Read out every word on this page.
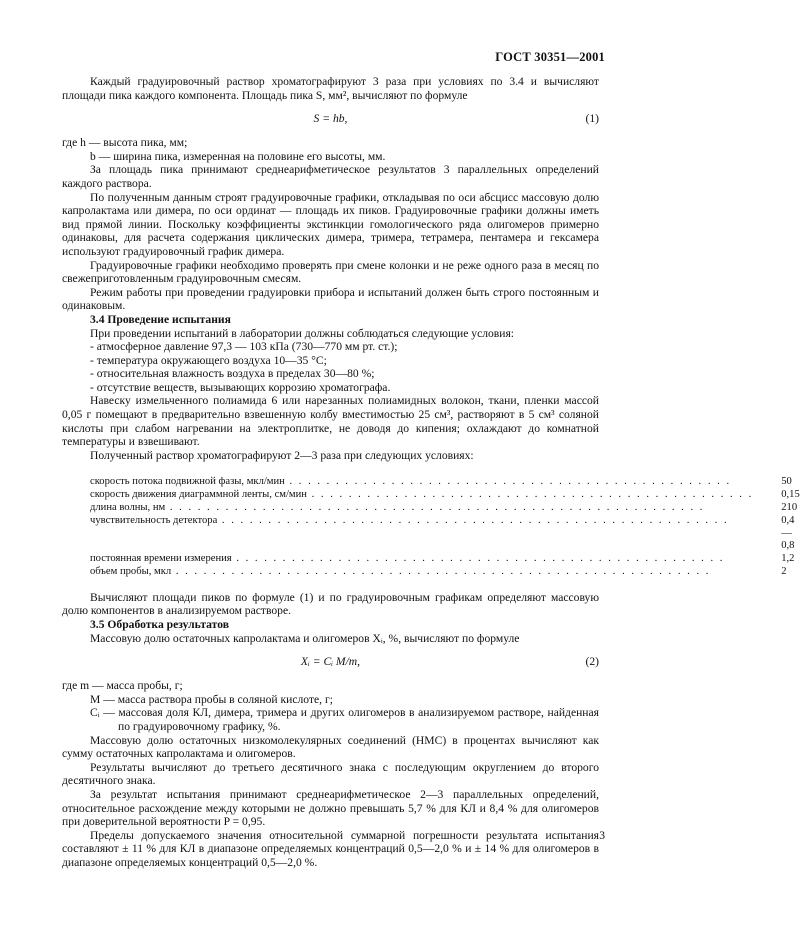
ГОСТ 30351—2001

Каждый градуировочный раствор хроматографируют 3 раза при условиях по 3.4 и вычисляют площади пика каждого компонента. Площадь пика S, мм², вычисляют по формуле

S = hb,	(1)

где h — высота пика, мм;

b — ширина пика, измеренная на половине его высоты, мм.

За площадь пика принимают среднеарифметическое результатов 3 параллельных определений каждого раствора.

По полученным данным строят градуировочные графики, откладывая по оси абсцисс массовую долю капролактама или димера, по оси ординат — площадь их пиков. Градуировочные графики должны иметь вид прямой линии. Поскольку коэффициенты экстинкции гомологического ряда олигомеров примерно одинаковы, для расчета содержания циклических димера, тримера, тетрамера, пентамера и гексамера используют градуировочный график димера.

Градуировочные графики необходимо проверять при смене колонки и не реже одного раза в месяц по свежеприготовленным градуировочным смесям.

Режим работы при проведении градуировки прибора и испытаний должен быть строго постоянным и одинаковым.

3.4 Проведение испытания

При проведении испытаний в лаборатории должны соблюдаться следующие условия:

- атмосферное давление 97,3 — 103 кПа (730—770 мм рт. ст.);

- температура окружающего воздуха 10—35 °С;

- относительная влажность воздуха в пределах 30—80 %;

- отсутствие веществ, вызывающих коррозию хроматографа.

Навеску измельченного полиамида 6 или нарезанных полиамидных волокон, ткани, пленки массой 0,05 г помещают в предварительно взвешенную колбу вместимостью 25 см³, растворяют в 5 см³ соляной кислоты при слабом нагревании на электроплитке, не доводя до кипения; охлаждают до комнатной температуры и взвешивают.

Полученный раствор хроматографируют 2—3 раза при следующих условиях:

скорость потока подвижной фазы, мкл/мин . . . . . . . . . . . . . . . . . . . . . . . . . . . . . . . . . . . . . . . . . . . . . . . .	50
скорость движения диаграммной ленты, см/мин . . . . . . . . . . . . . . . . . . . . . . . . . . . . . . . . . . . . . . . . . . . . . . . .	0,15
длина волны, нм . . . . . . . . . . . . . . . . . . . . . . . . . . . . . . . . . . . . . . . . . . . . . . . . . . . . . . . . . .	210
чувствительность детектора . . . . . . . . . . . . . . . . . . . . . . . . . . . . . . . . . . . . . . . . . . . . . . . . . . . . . . .	0,4—0,8
постоянная времени измерения . . . . . . . . . . . . . . . . . . . . . . . . . . . . . . . . . . . . . . . . . . . . . . . . . . . . .	1,2
объем пробы, мкл . . . . . . . . . . . . . . . . . . . . . . . . . . . . . . . . . . . . . . . . . . . . . . . . . . . . . . . . . .	2

Вычисляют площади пиков по формуле (1) и по градуировочным графикам определяют массовую долю компонентов в анализируемом растворе.

3.5 Обработка результатов

Массовую долю остаточных капролактама и олигомеров Xᵢ, %, вычисляют по формуле

Xᵢ = Cᵢ M/m,	(2)

где m — масса пробы, г;

M — масса раствора пробы в соляной кислоте, г;

Cᵢ — массовая доля КЛ, димера, тримера и других олигомеров в анализируемом растворе, найденная по градуировочному графику, %.

Массовую долю остаточных низкомолекулярных соединений (НМС) в процентах вычисляют как сумму остаточных капролактама и олигомеров.

Результаты вычисляют до третьего десятичного знака с последующим округлением до второго десятичного знака.

За результат испытания принимают среднеарифметическое 2—3 параллельных определений, относительное расхождение между которыми не должно превышать 5,7 % для КЛ и 8,4 % для олигомеров при доверительной вероятности P = 0,95.

Пределы допускаемого значения относительной суммарной погрешности результата испытания составляют ± 11 % для КЛ в диапазоне определяемых концентраций 0,5—2,0 % и ± 14 % для олигомеров в диапазоне определяемых концентраций 0,5—2,0 %.

3
